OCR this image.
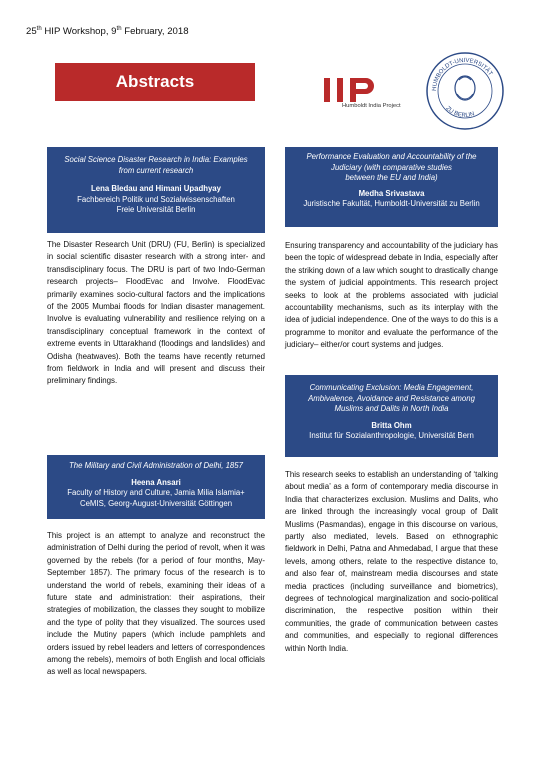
25th HIP Workshop, 9th February, 2018
Abstracts
Humboldt India Project
HUMBOLDT-UNIVERSITÄT
ZU BERLIN
Social Science Disaster Research in India: Examples
from current research
Lena Bledau and Himani Upadhyay
Fachbereich Politik und Sozialwissenschaften
Freie Universität Berlin
The Disaster Research Unit (DRU) (FU, Berlin) is specialized in social scientific disaster research with a strong inter- and transdisciplinary focus. The DRU is part of two Indo-German research projects– FloodEvac and Involve. FloodEvac primarily examines socio-cultural factors and the implications of the 2005 Mumbai floods for Indian disaster management. Involve is evaluating vulnerability and resilience relying on a transdisciplinary conceptual framework in the context of extreme events in Uttarakhand (floodings and landslides) and Odisha (heatwaves). Both the teams have recently returned from fieldwork in India and will present and discuss their preliminary findings.
The Military and Civil Administration of Delhi, 1857
Heena Ansari
Faculty of History and Culture, Jamia Milia Islamia+
CeMIS, Georg-August-Universität Göttingen
This project is an attempt to analyze and reconstruct the administration of Delhi during the period of revolt, when it was governed by the rebels (for a period of four months, May-September 1857). The primary focus of the research is to understand the world of rebels, examining their ideas of a future state and administration: their aspirations, their strategies of mobilization, the classes they sought to mobilize and the type of polity that they visualized. The sources used include the Mutiny papers (which include pamphlets and orders issued by rebel leaders and letters of correspondences among the rebels), memoirs of both English and local officials as well as local newspapers.
Performance Evaluation and Accountability of the
Judiciary (with comparative studies
between the EU and India)
Medha Srivastava
Juristische Fakultät, Humboldt-Universität zu Berlin
Ensuring transparency and accountability of the judiciary has been the topic of widespread debate in India, especially after the striking down of a law which sought to drastically change the system of judicial appointments. This research project seeks to look at the problems associated with judicial accountability mechanisms, such as its interplay with the idea of judicial independence. One of the ways to do this is a programme to monitor and evaluate the performance of the judiciary– either/or court systems and judges.
Communicating Exclusion: Media Engagement,
Ambivalence, Avoidance and Resistance among
Muslims and Dalits in North India
Britta Ohm
Institut für Sozialanthropologie, Universität Bern
This research seeks to establish an understanding of ‘talking about media’ as a form of contemporary media discourse in India that characterizes exclusion. Muslims and Dalits, who are linked through the increasingly vocal group of Dalit Muslims (Pasmandas), engage in this discourse on various, partly also mediated, levels. Based on ethnographic fieldwork in Delhi, Patna and Ahmedabad, I argue that these levels, among others, relate to the respective distance to, and also fear of, mainstream media discourses and state media practices (including surveillance and biometrics), degrees of technological marginalization and socio-political discrimination, the respective position within their communities, the grade of communication between castes and communities, and especially to regional differences within North India.
